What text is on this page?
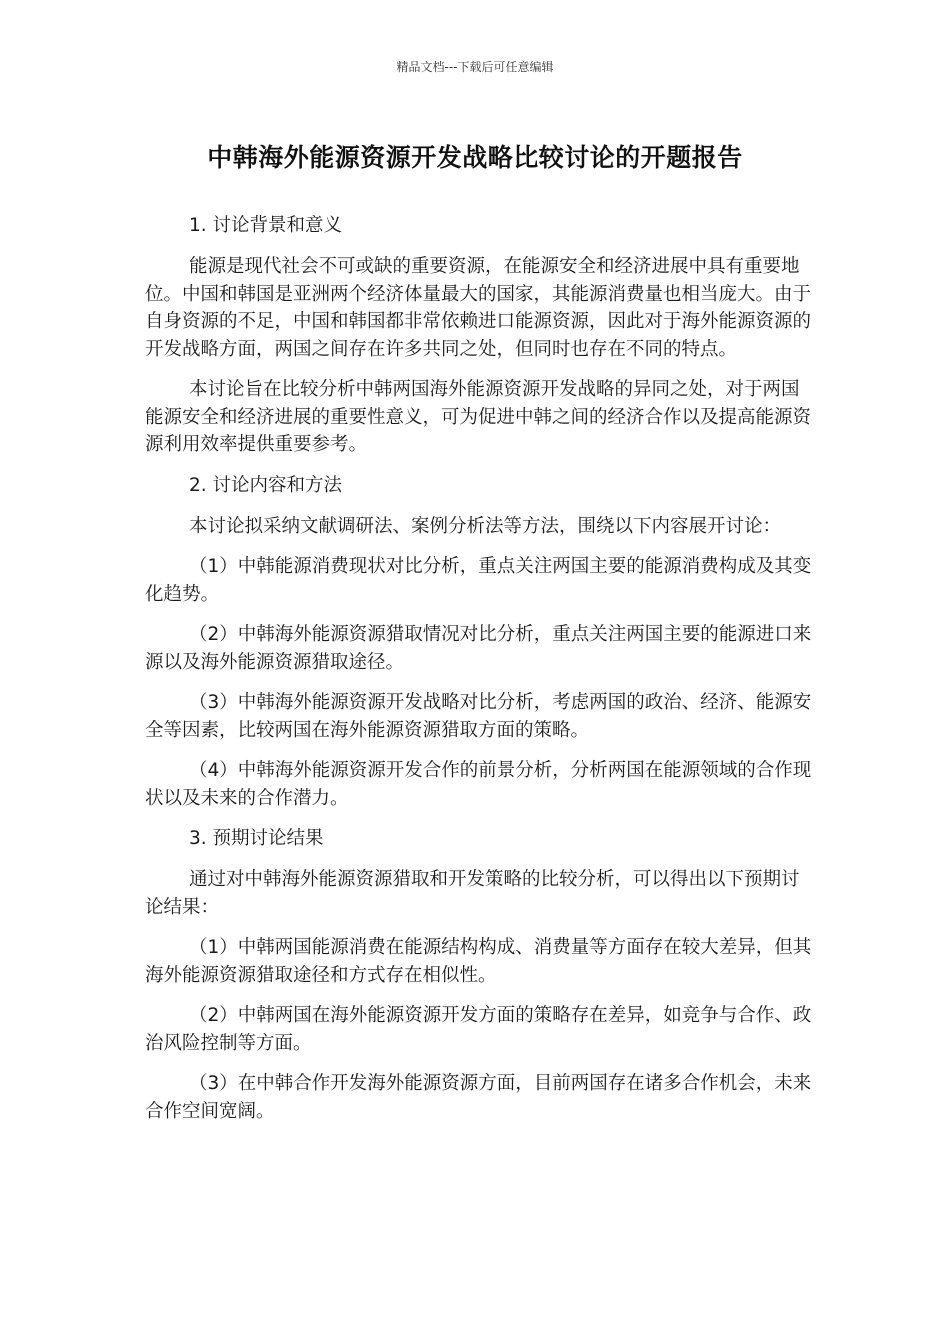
精品文档---下载后可任意编辑
中韩海外能源资源开发战略比较讨论的开题报告
1. 讨论背景和意义

能源是现代社会不可或缺的重要资源，在能源安全和经济进展中具有重要地位。中国和韩国是亚洲两个经济体量最大的国家，其能源消费量也相当庞大。由于自身资源的不足，中国和韩国都非常依赖进口能源资源，因此对于海外能源资源的开发战略方面，两国之间存在许多共同之处，但同时也存在不同的特点。

本讨论旨在比较分析中韩两国海外能源资源开发战略的异同之处，对于两国能源安全和经济进展的重要性意义，可为促进中韩之间的经济合作以及提高能源资源利用效率提供重要参考。

2. 讨论内容和方法

本讨论拟采纳文献调研法、案例分析法等方法，围绕以下内容展开讨论：

（1）中韩能源消费现状对比分析，重点关注两国主要的能源消费构成及其变化趋势。

（2）中韩海外能源资源猎取情况对比分析，重点关注两国主要的能源进口来源以及海外能源资源猎取途径。

（3）中韩海外能源资源开发战略对比分析，考虑两国的政治、经济、能源安全等因素，比较两国在海外能源资源猎取方面的策略。

（4）中韩海外能源资源开发合作的前景分析，分析两国在能源领域的合作现状以及未来的合作潜力。

3. 预期讨论结果

通过对中韩海外能源资源猎取和开发策略的比较分析，可以得出以下预期讨论结果：

（1）中韩两国能源消费在能源结构构成、消费量等方面存在较大差异，但其海外能源资源猎取途径和方式存在相似性。

（2）中韩两国在海外能源资源开发方面的策略存在差异，如竞争与合作、政治风险控制等方面。

（3）在中韩合作开发海外能源资源方面，目前两国存在诸多合作机会，未来合作空间宽阔。
